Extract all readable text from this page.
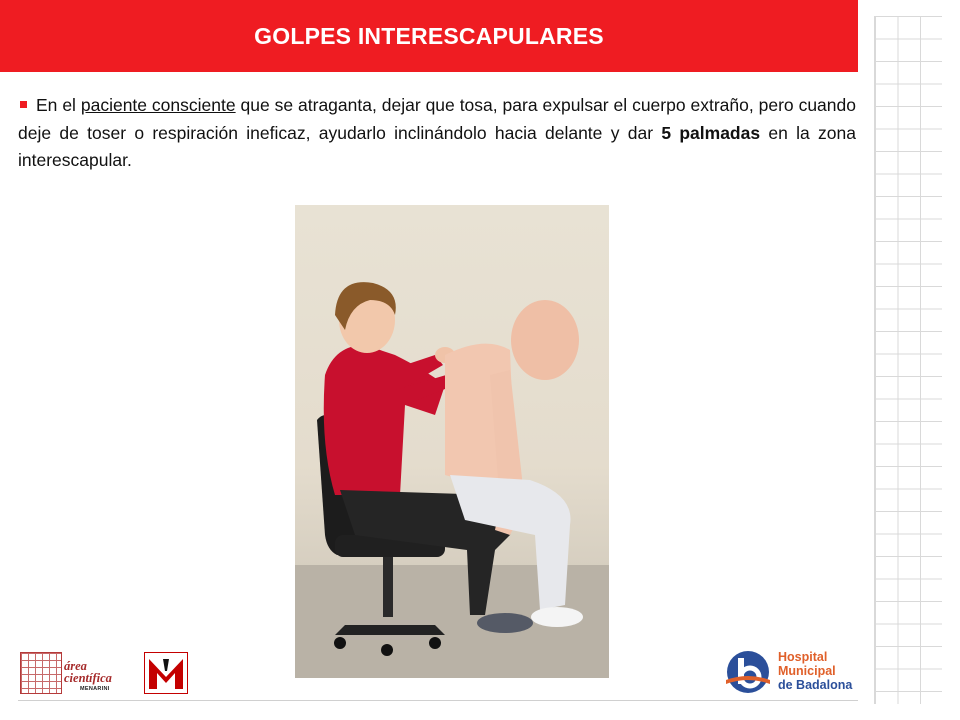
GOLPES INTERESCAPULARES

En el paciente consciente que se atraganta, dejar que tosa, para expulsar el cuerpo extraño, pero cuando deje de toser o respiración ineficaz, ayudarlo inclinándolo hacia delante y dar 5 palmadas en la zona interescapular.

área
científica
MENARINI
Hospital
Municipal
de Badalona
